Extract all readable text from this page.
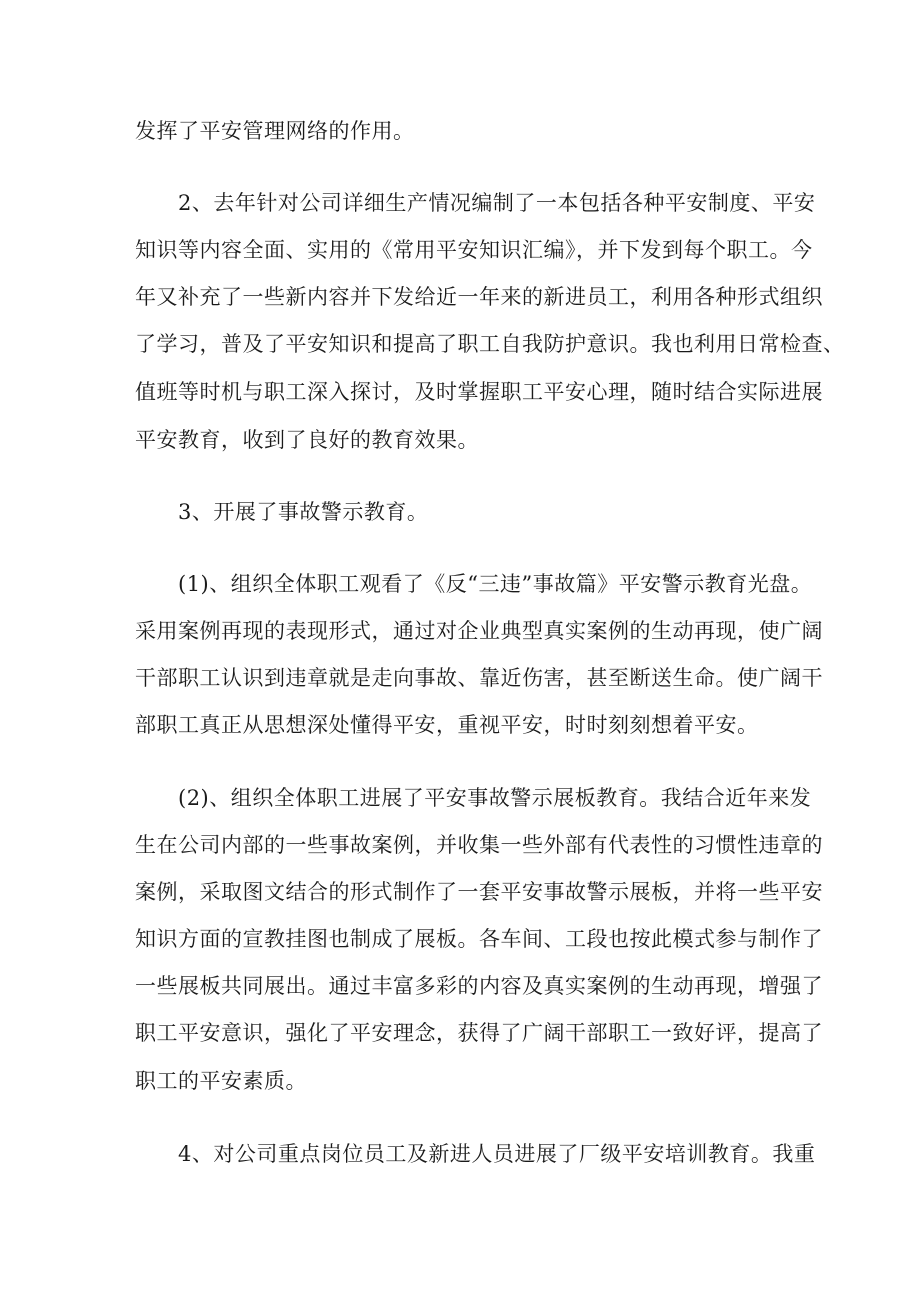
发挥了平安管理网络的作用。
2、去年针对公司详细生产情况编制了一本包括各种平安制度、平安
知识等内容全面、实用的《常用平安知识汇编》，并下发到每个职工。今
年又补充了一些新内容并下发给近一年来的新进员工，利用各种形式组织
了学习，普及了平安知识和提高了职工自我防护意识。我也利用日常检查、
值班等时机与职工深入探讨，及时掌握职工平安心理，随时结合实际进展
平安教育，收到了良好的教育效果。
3、开展了事故警示教育。
(1)、组织全体职工观看了《反“三违”事故篇》平安警示教育光盘。
采用案例再现的表现形式，通过对企业典型真实案例的生动再现，使广阔
干部职工认识到违章就是走向事故、靠近伤害，甚至断送生命。使广阔干
部职工真正从思想深处懂得平安，重视平安，时时刻刻想着平安。
(2)、组织全体职工进展了平安事故警示展板教育。我结合近年来发
生在公司内部的一些事故案例，并收集一些外部有代表性的习惯性违章的
案例，采取图文结合的形式制作了一套平安事故警示展板，并将一些平安
知识方面的宣教挂图也制成了展板。各车间、工段也按此模式参与制作了
一些展板共同展出。通过丰富多彩的内容及真实案例的生动再现，增强了
职工平安意识，强化了平安理念，获得了广阔干部职工一致好评，提高了
职工的平安素质。
4、对公司重点岗位员工及新进人员进展了厂级平安培训教育。我重
